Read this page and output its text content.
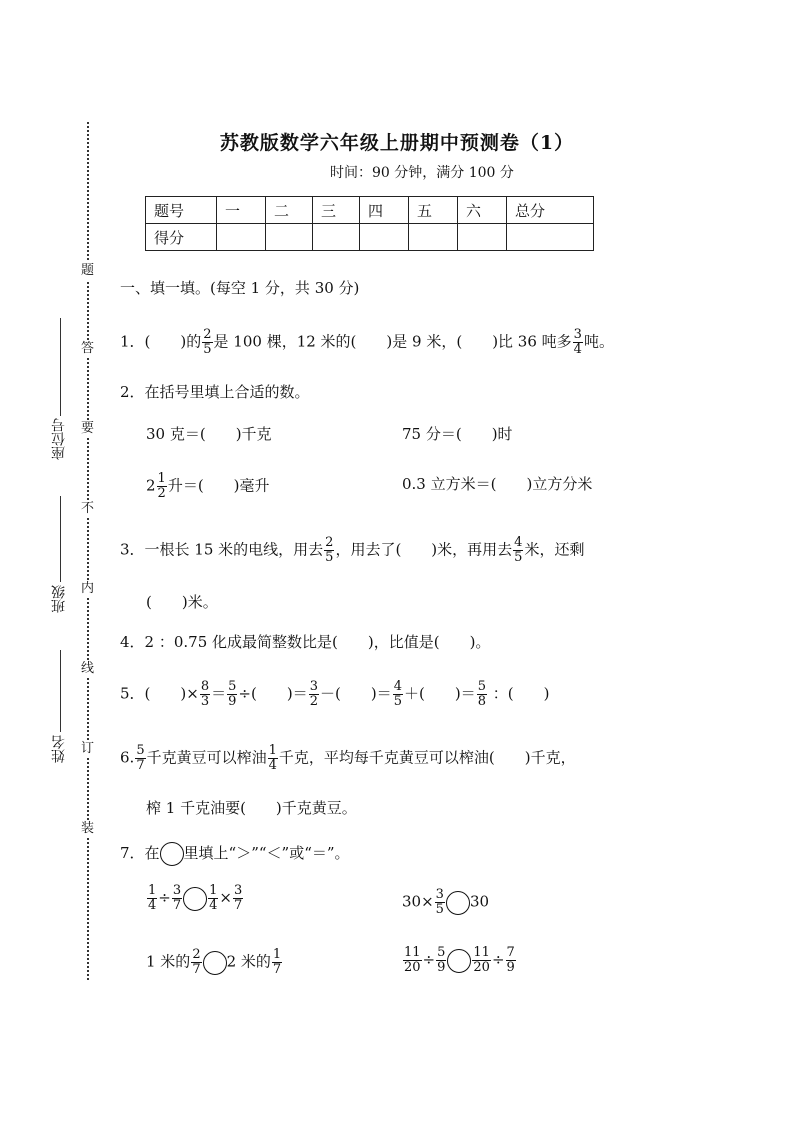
座位号
班级
姓名
题
答
要
不
内
线
订
装
苏教版数学六年级上册期中预测卷（1）
时间：90 分钟，满分 100 分
题号	一	二	三	四	五	六	总分
得分							
一、填一填。(每空 1 分，共 30 分)
1．(　　)的 $\frac{2}{5}$ 是 100 棵，12 米的(　　)是 9 米，(　　)比 36 吨多 $\frac{3}{4}$ 吨。
2．在括号里填上合适的数。
30 克＝(　　)千克	75 分＝(　　)时
$2 \frac{1}{2}$ 升＝(　　)毫升	0.3 立方米＝(　　)立方分米
3．一根长 15 米的电线，用去 $\frac{2}{5}$ ，用去了(　　)米，再用去 $\frac{4}{5}$ 米，还剩
(　　)米。
4．2 ：0.75 化成最简整数比是(　　)，比值是(　　)。
5．(　　)× $\frac{8}{3} = \frac{5}{9}$ ÷(　　)＝ $\frac{3}{2}$ －(　　)＝ $\frac{4}{5}$ ＋(　　)＝ $\frac{5}{8}$ ：(　　)
6. $\frac{5}{7}$ 千克黄豆可以榨油 $\frac{1}{4}$ 千克，平均每千克黄豆可以榨油(　　)千克，
榨 1 千克油要(　　)千克黄豆。
7．在 里填上“＞”“＜”或“＝”。
$\frac{1}{4} \div \frac{3}{7} \frac{1}{4} \times \frac{3}{7}$	$30\times \frac{3}{5} 30$
1 米的 $\frac{2}{7} 2$ 米的 $\frac{1}{7}$	$\frac{11}{20} \div \frac{5}{9} \frac{11}{20} \div \frac{7}{9}$
